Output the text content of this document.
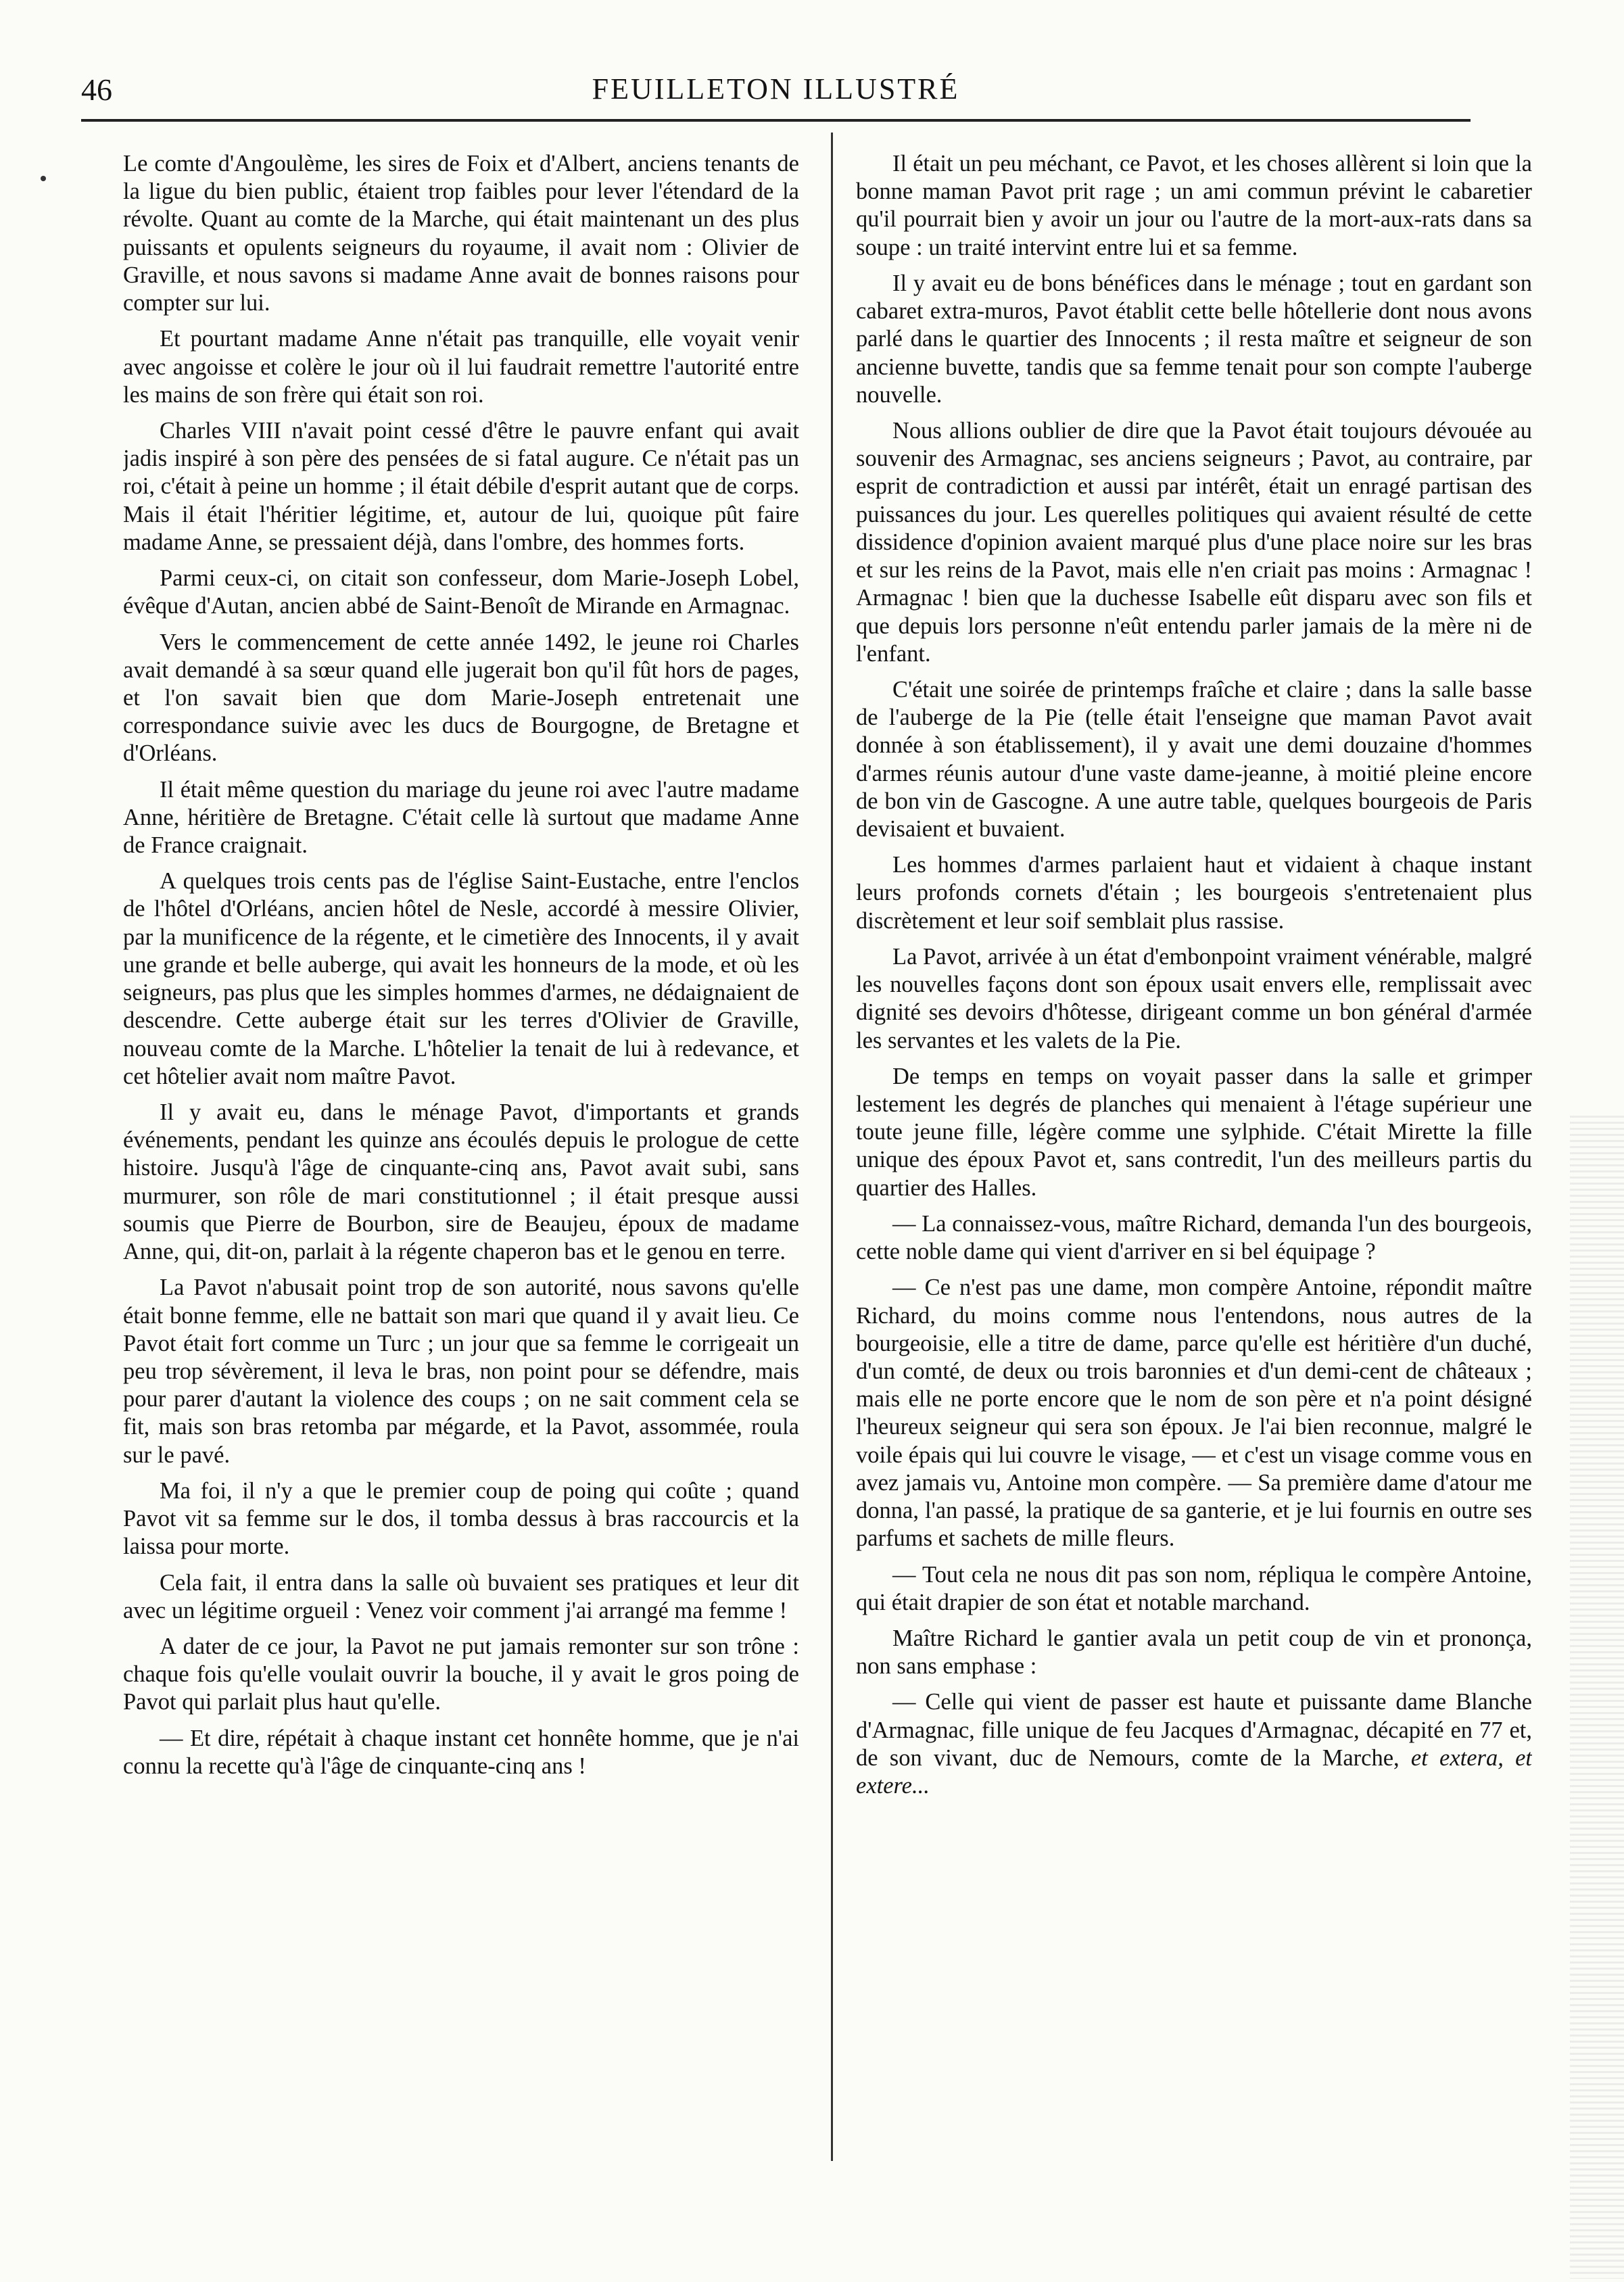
46	FEUILLETON ILLUSTRÉ

Le comte d'Angoulème, les sires de Foix et d'Albert, anciens tenants de la ligue du bien public, étaient trop faibles pour lever l'étendard de la révolte. Quant au comte de la Marche, qui était maintenant un des plus puissants et opulents seigneurs du royaume, il avait nom : Olivier de Graville, et nous savons si madame Anne avait de bonnes raisons pour compter sur lui.

Et pourtant madame Anne n'était pas tranquille, elle voyait venir avec angoisse et colère le jour où il lui faudrait remettre l'autorité entre les mains de son frère qui était son roi.

Charles VIII n'avait point cessé d'être le pauvre enfant qui avait jadis inspiré à son père des pensées de si fatal augure. Ce n'était pas un roi, c'était à peine un homme ; il était débile d'esprit autant que de corps. Mais il était l'héritier légitime, et, autour de lui, quoique pût faire madame Anne, se pressaient déjà, dans l'ombre, des hommes forts.

Parmi ceux-ci, on citait son confesseur, dom Marie-Joseph Lobel, évêque d'Autan, ancien abbé de Saint-Benoît de Mirande en Armagnac.

Vers le commencement de cette année 1492, le jeune roi Charles avait demandé à sa sœur quand elle jugerait bon qu'il fût hors de pages, et l'on savait bien que dom Marie-Joseph entretenait une correspondance suivie avec les ducs de Bourgogne, de Bretagne et d'Orléans.

Il était même question du mariage du jeune roi avec l'autre madame Anne, héritière de Bretagne. C'était celle là surtout que madame Anne de France craignait.

A quelques trois cents pas de l'église Saint-Eustache, entre l'enclos de l'hôtel d'Orléans, ancien hôtel de Nesle, accordé à messire Olivier, par la munificence de la régente, et le cimetière des Innocents, il y avait une grande et belle auberge, qui avait les honneurs de la mode, et où les seigneurs, pas plus que les simples hommes d'armes, ne dédaignaient de descendre. Cette auberge était sur les terres d'Olivier de Graville, nouveau comte de la Marche. L'hôtelier la tenait de lui à redevance, et cet hôtelier avait nom maître Pavot.

Il y avait eu, dans le ménage Pavot, d'importants et grands événements, pendant les quinze ans écoulés depuis le prologue de cette histoire. Jusqu'à l'âge de cinquante-cinq ans, Pavot avait subi, sans murmurer, son rôle de mari constitutionnel ; il était presque aussi soumis que Pierre de Bourbon, sire de Beaujeu, époux de madame Anne, qui, dit-on, parlait à la régente chaperon bas et le genou en terre.

La Pavot n'abusait point trop de son autorité, nous savons qu'elle était bonne femme, elle ne battait son mari que quand il y avait lieu. Ce Pavot était fort comme un Turc ; un jour que sa femme le corrigeait un peu trop sévèrement, il leva le bras, non point pour se défendre, mais pour parer d'autant la violence des coups ; on ne sait comment cela se fit, mais son bras retomba par mégarde, et la Pavot, assommée, roula sur le pavé.

Ma foi, il n'y a que le premier coup de poing qui coûte ; quand Pavot vit sa femme sur le dos, il tomba dessus à bras raccourcis et la laissa pour morte.

Cela fait, il entra dans la salle où buvaient ses pratiques et leur dit avec un légitime orgueil : Venez voir comment j'ai arrangé ma femme !

A dater de ce jour, la Pavot ne put jamais remonter sur son trône : chaque fois qu'elle voulait ouvrir la bouche, il y avait le gros poing de Pavot qui parlait plus haut qu'elle.

— Et dire, répétait à chaque instant cet honnête homme, que je n'ai connu la recette qu'à l'âge de cinquante-cinq ans !

Il était un peu méchant, ce Pavot, et les choses allèrent si loin que la bonne maman Pavot prit rage ; un ami commun prévint le cabaretier qu'il pourrait bien y avoir un jour ou l'autre de la mort-aux-rats dans sa soupe : un traité intervint entre lui et sa femme.

Il y avait eu de bons bénéfices dans le ménage ; tout en gardant son cabaret extra-muros, Pavot établit cette belle hôtellerie dont nous avons parlé dans le quartier des Innocents ; il resta maître et seigneur de son ancienne buvette, tandis que sa femme tenait pour son compte l'auberge nouvelle.

Nous allions oublier de dire que la Pavot était toujours dévouée au souvenir des Armagnac, ses anciens seigneurs ; Pavot, au contraire, par esprit de contradiction et aussi par intérêt, était un enragé partisan des puissances du jour. Les querelles politiques qui avaient résulté de cette dissidence d'opinion avaient marqué plus d'une place noire sur les bras et sur les reins de la Pavot, mais elle n'en criait pas moins : Armagnac ! Armagnac ! bien que la duchesse Isabelle eût disparu avec son fils et que depuis lors personne n'eût entendu parler jamais de la mère ni de l'enfant.

C'était une soirée de printemps fraîche et claire ; dans la salle basse de l'auberge de la Pie (telle était l'enseigne que maman Pavot avait donnée à son établissement), il y avait une demi douzaine d'hommes d'armes réunis autour d'une vaste dame-jeanne, à moitié pleine encore de bon vin de Gascogne. A une autre table, quelques bourgeois de Paris devisaient et buvaient.

Les hommes d'armes parlaient haut et vidaient à chaque instant leurs profonds cornets d'étain ; les bourgeois s'entretenaient plus discrètement et leur soif semblait plus rassise.

La Pavot, arrivée à un état d'embonpoint vraiment vénérable, malgré les nouvelles façons dont son époux usait envers elle, remplissait avec dignité ses devoirs d'hôtesse, dirigeant comme un bon général d'armée les servantes et les valets de la Pie.

De temps en temps on voyait passer dans la salle et grimper lestement les degrés de planches qui menaient à l'étage supérieur une toute jeune fille, légère comme une sylphide. C'était Mirette la fille unique des époux Pavot et, sans contredit, l'un des meilleurs partis du quartier des Halles.

— La connaissez-vous, maître Richard, demanda l'un des bourgeois, cette noble dame qui vient d'arriver en si bel équipage ?

— Ce n'est pas une dame, mon compère Antoine, répondit maître Richard, du moins comme nous l'entendons, nous autres de la bourgeoisie, elle a titre de dame, parce qu'elle est héritière d'un duché, d'un comté, de deux ou trois baronnies et d'un demi-cent de châteaux ; mais elle ne porte encore que le nom de son père et n'a point désigné l'heureux seigneur qui sera son époux. Je l'ai bien reconnue, malgré le voile épais qui lui couvre le visage, — et c'est un visage comme vous en avez jamais vu, Antoine mon compère. — Sa première dame d'atour me donna, l'an passé, la pratique de sa ganterie, et je lui fournis en outre ses parfums et sachets de mille fleurs.

— Tout cela ne nous dit pas son nom, répliqua le compère Antoine, qui était drapier de son état et notable marchand.

Maître Richard le gantier avala un petit coup de vin et prononça, non sans emphase :

— Celle qui vient de passer est haute et puissante dame Blanche d'Armagnac, fille unique de feu Jacques d'Armagnac, décapité en 77 et, de son vivant, duc de Nemours, comte de la Marche, et extera, et extere...
